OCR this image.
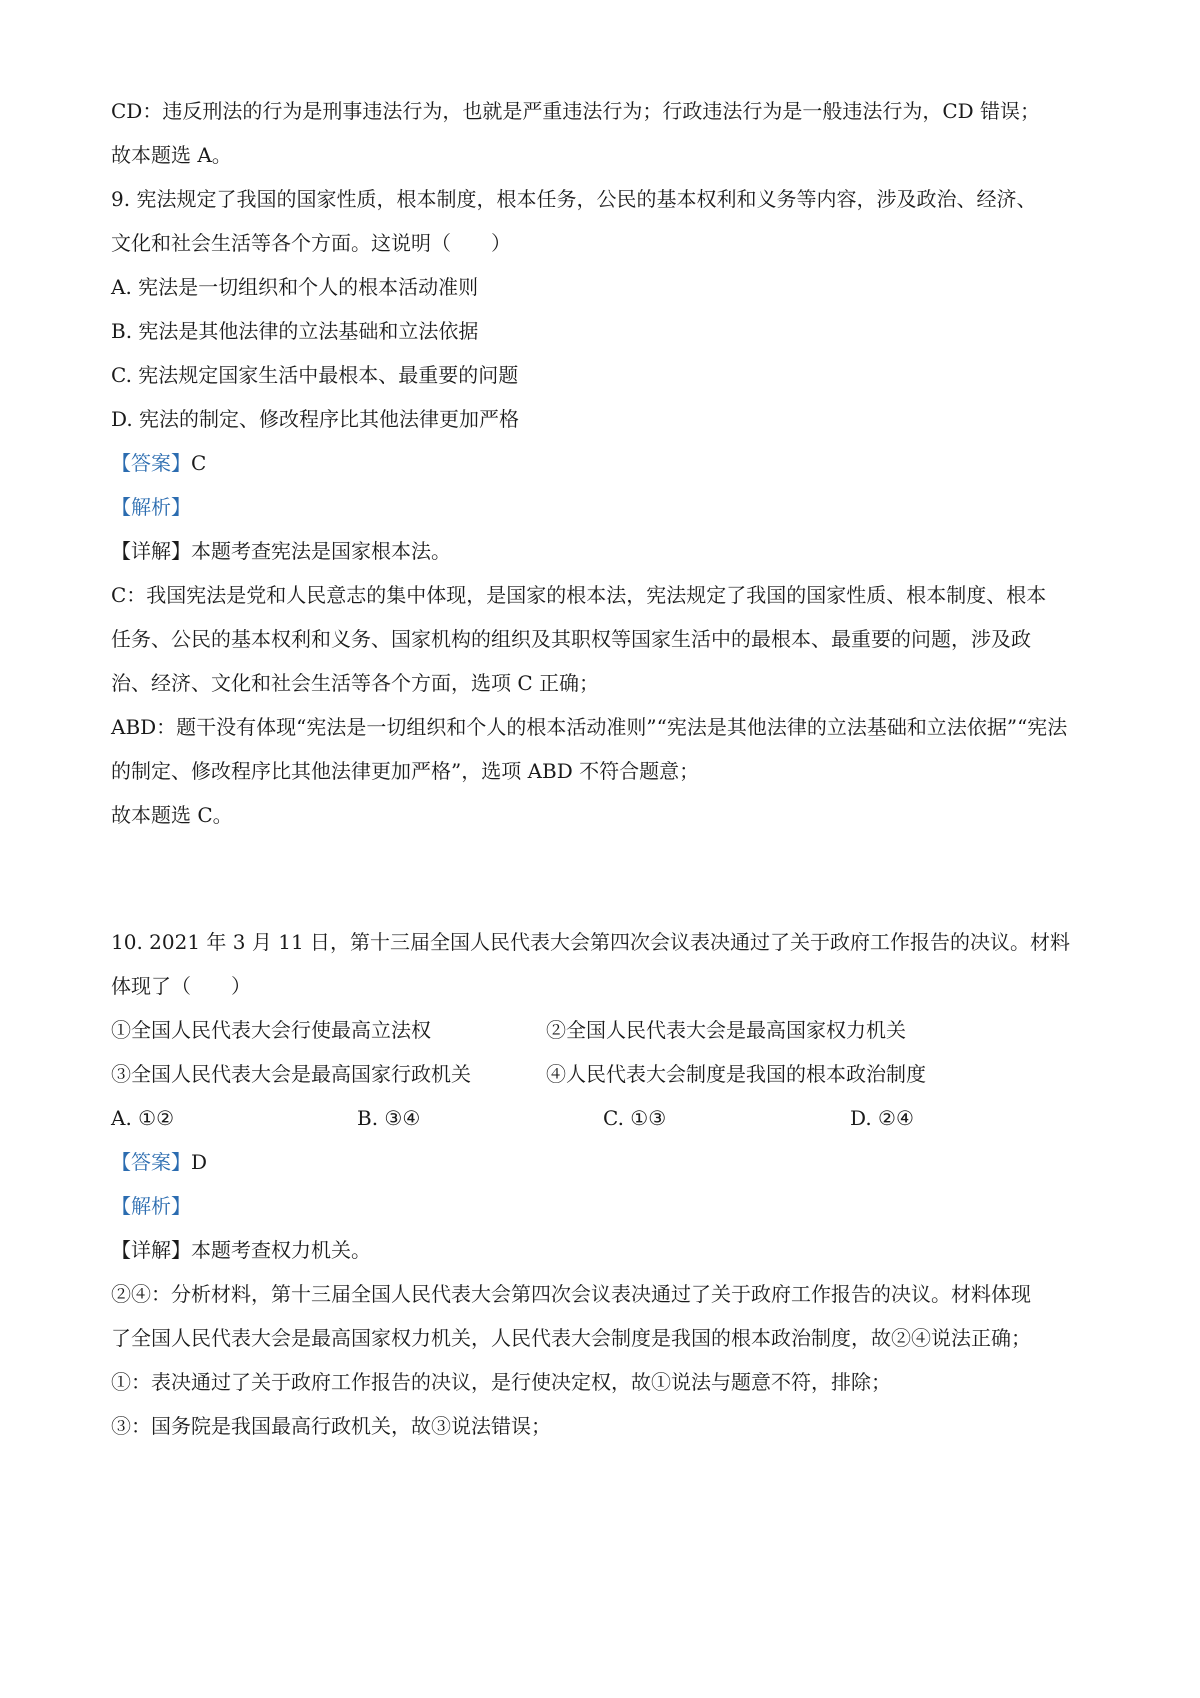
CD：违反刑法的行为是刑事违法行为，也就是严重违法行为；行政违法行为是一般违法行为，CD 错误；
故本题选 A。
9. 宪法规定了我国的国家性质，根本制度，根本任务，公民的基本权利和义务等内容，涉及政治、经济、
文化和社会生活等各个方面。这说明（　　）
A. 宪法是一切组织和个人的根本活动准则
B. 宪法是其他法律的立法基础和立法依据
C. 宪法规定国家生活中最根本、最重要的问题
D. 宪法的制定、修改程序比其他法律更加严格
【答案】C
【解析】
【详解】本题考查宪法是国家根本法。
C：我国宪法是党和人民意志的集中体现，是国家的根本法，宪法规定了我国的国家性质、根本制度、根本
任务、公民的基本权利和义务、国家机构的组织及其职权等国家生活中的最根本、最重要的问题，涉及政
治、经济、文化和社会生活等各个方面，选项 C 正确；
ABD：题干没有体现“宪法是一切组织和个人的根本活动准则”“宪法是其他法律的立法基础和立法依据”“宪法
的制定、修改程序比其他法律更加严格”，选项 ABD 不符合题意；
故本题选 C。
10. 2021 年 3 月 11 日，第十三届全国人民代表大会第四次会议表决通过了关于政府工作报告的决议。材料
体现了（　　）
①全国人民代表大会行使最高立法权	②全国人民代表大会是最高国家权力机关
③全国人民代表大会是最高国家行政机关	④人民代表大会制度是我国的根本政治制度
A. ①②	B. ③④	C. ①③	D. ②④
【答案】D
【解析】
【详解】本题考查权力机关。
②④：分析材料，第十三届全国人民代表大会第四次会议表决通过了关于政府工作报告的决议。材料体现
了全国人民代表大会是最高国家权力机关，人民代表大会制度是我国的根本政治制度，故②④说法正确；
①：表决通过了关于政府工作报告的决议，是行使决定权，故①说法与题意不符，排除；
③：国务院是我国最高行政机关，故③说法错误；
